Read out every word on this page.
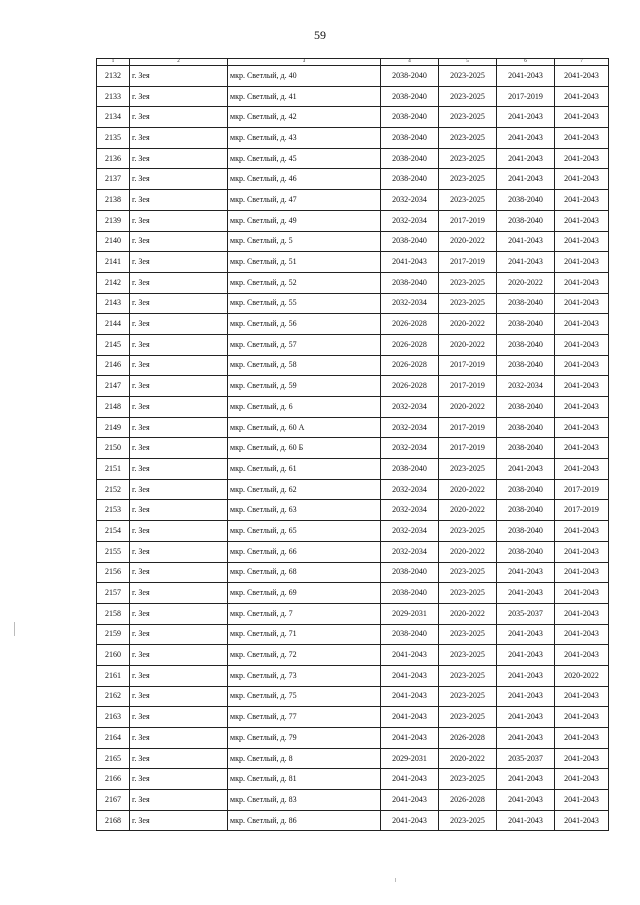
59
1	2	3	4	5	6	7
2132	г. Зея	мкр. Светлый, д. 40	2038-2040	2023-2025	2041-2043	2041-2043
2133	г. Зея	мкр. Светлый, д. 41	2038-2040	2023-2025	2017-2019	2041-2043
2134	г. Зея	мкр. Светлый, д. 42	2038-2040	2023-2025	2041-2043	2041-2043
2135	г. Зея	мкр. Светлый, д. 43	2038-2040	2023-2025	2041-2043	2041-2043
2136	г. Зея	мкр. Светлый, д. 45	2038-2040	2023-2025	2041-2043	2041-2043
2137	г. Зея	мкр. Светлый, д. 46	2038-2040	2023-2025	2041-2043	2041-2043
2138	г. Зея	мкр. Светлый, д. 47	2032-2034	2023-2025	2038-2040	2041-2043
2139	г. Зея	мкр. Светлый, д. 49	2032-2034	2017-2019	2038-2040	2041-2043
2140	г. Зея	мкр. Светлый, д. 5	2038-2040	2020-2022	2041-2043	2041-2043
2141	г. Зея	мкр. Светлый, д. 51	2041-2043	2017-2019	2041-2043	2041-2043
2142	г. Зея	мкр. Светлый, д. 52	2038-2040	2023-2025	2020-2022	2041-2043
2143	г. Зея	мкр. Светлый, д. 55	2032-2034	2023-2025	2038-2040	2041-2043
2144	г. Зея	мкр. Светлый, д. 56	2026-2028	2020-2022	2038-2040	2041-2043
2145	г. Зея	мкр. Светлый, д. 57	2026-2028	2020-2022	2038-2040	2041-2043
2146	г. Зея	мкр. Светлый, д. 58	2026-2028	2017-2019	2038-2040	2041-2043
2147	г. Зея	мкр. Светлый, д. 59	2026-2028	2017-2019	2032-2034	2041-2043
2148	г. Зея	мкр. Светлый, д. 6	2032-2034	2020-2022	2038-2040	2041-2043
2149	г. Зея	мкр. Светлый, д. 60 А	2032-2034	2017-2019	2038-2040	2041-2043
2150	г. Зея	мкр. Светлый, д. 60 Б	2032-2034	2017-2019	2038-2040	2041-2043
2151	г. Зея	мкр. Светлый, д. 61	2038-2040	2023-2025	2041-2043	2041-2043
2152	г. Зея	мкр. Светлый, д. 62	2032-2034	2020-2022	2038-2040	2017-2019
2153	г. Зея	мкр. Светлый, д. 63	2032-2034	2020-2022	2038-2040	2017-2019
2154	г. Зея	мкр. Светлый, д. 65	2032-2034	2023-2025	2038-2040	2041-2043
2155	г. Зея	мкр. Светлый, д. 66	2032-2034	2020-2022	2038-2040	2041-2043
2156	г. Зея	мкр. Светлый, д. 68	2038-2040	2023-2025	2041-2043	2041-2043
2157	г. Зея	мкр. Светлый, д. 69	2038-2040	2023-2025	2041-2043	2041-2043
2158	г. Зея	мкр. Светлый, д. 7	2029-2031	2020-2022	2035-2037	2041-2043
2159	г. Зея	мкр. Светлый, д. 71	2038-2040	2023-2025	2041-2043	2041-2043
2160	г. Зея	мкр. Светлый, д. 72	2041-2043	2023-2025	2041-2043	2041-2043
2161	г. Зея	мкр. Светлый, д. 73	2041-2043	2023-2025	2041-2043	2020-2022
2162	г. Зея	мкр. Светлый, д. 75	2041-2043	2023-2025	2041-2043	2041-2043
2163	г. Зея	мкр. Светлый, д. 77	2041-2043	2023-2025	2041-2043	2041-2043
2164	г. Зея	мкр. Светлый, д. 79	2041-2043	2026-2028	2041-2043	2041-2043
2165	г. Зея	мкр. Светлый, д. 8	2029-2031	2020-2022	2035-2037	2041-2043
2166	г. Зея	мкр. Светлый, д. 81	2041-2043	2023-2025	2041-2043	2041-2043
2167	г. Зея	мкр. Светлый, д. 83	2041-2043	2026-2028	2041-2043	2041-2043
2168	г. Зея	мкр. Светлый, д. 86	2041-2043	2023-2025	2041-2043	2041-2043
